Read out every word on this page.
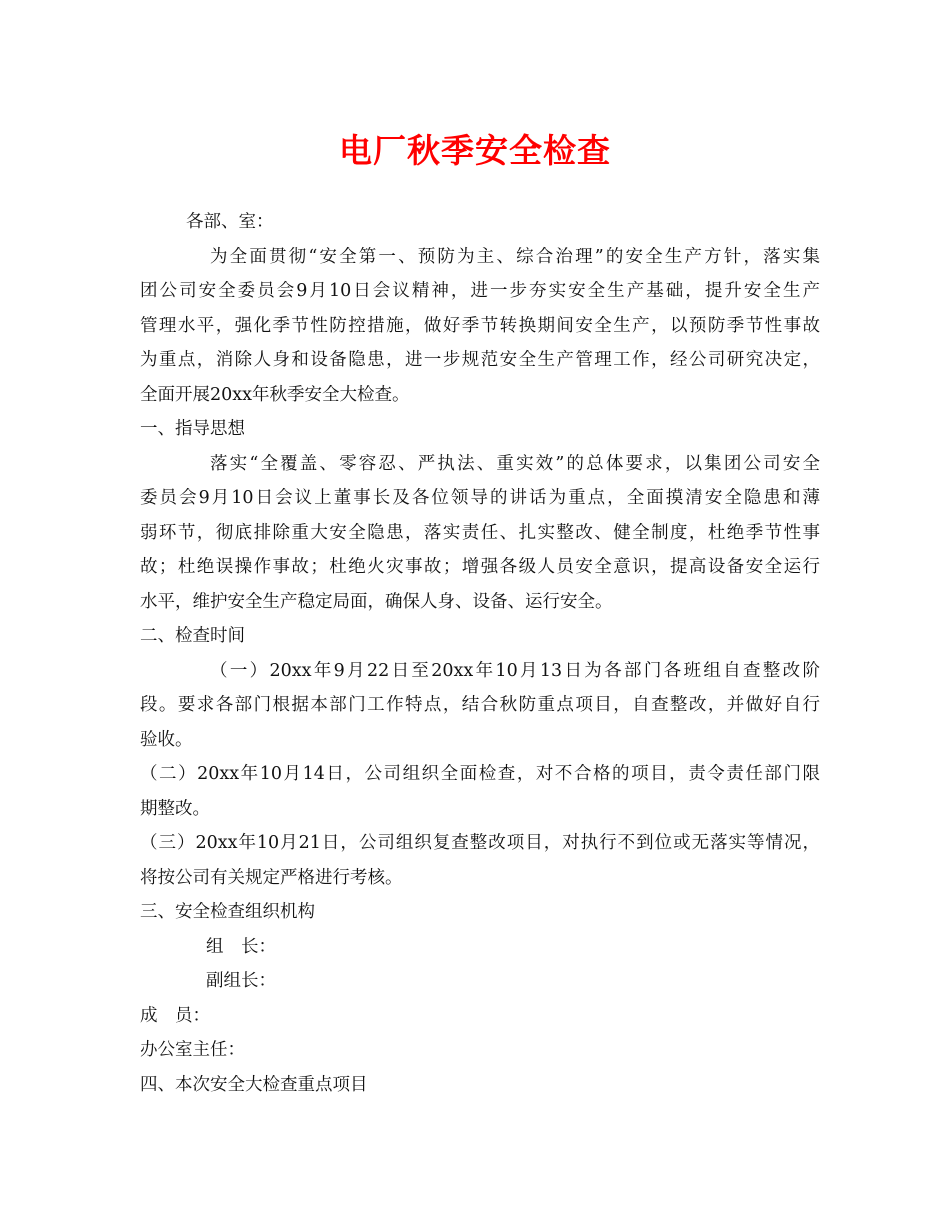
电厂秋季安全检查
各部、室：
为全面贯彻“安全第一、预防为主、综合治理”的安全生产方针，落实集
团公司安全委员会9月10日会议精神，进一步夯实安全生产基础，提升安全生产
管理水平，强化季节性防控措施，做好季节转换期间安全生产，以预防季节性事故
为重点，消除人身和设备隐患，进一步规范安全生产管理工作，经公司研究决定，
全面开展20xx年秋季安全大检查。
一、指导思想
落实“全覆盖、零容忍、严执法、重实效”的总体要求，以集团公司安全
委员会9月10日会议上董事长及各位领导的讲话为重点，全面摸清安全隐患和薄
弱环节，彻底排除重大安全隐患，落实责任、扎实整改、健全制度，杜绝季节性事
故；杜绝误操作事故；杜绝火灾事故；增强各级人员安全意识，提高设备安全运行
水平，维护安全生产稳定局面，确保人身、设备、运行安全。
二、检查时间
（一）20xx年9月22日至20xx年10月13日为各部门各班组自查整改阶
段。要求各部门根据本部门工作特点，结合秋防重点项目，自查整改，并做好自行
验收。
（二）20xx年10月14日，公司组织全面检查，对不合格的项目，责令责任部门限
期整改。
（三）20xx年10月21日，公司组织复查整改项目，对执行不到位或无落实等情况，
将按公司有关规定严格进行考核。
三、安全检查组织机构
组　长：
副组长：
成　员：
办公室主任：
四、本次安全大检查重点项目
